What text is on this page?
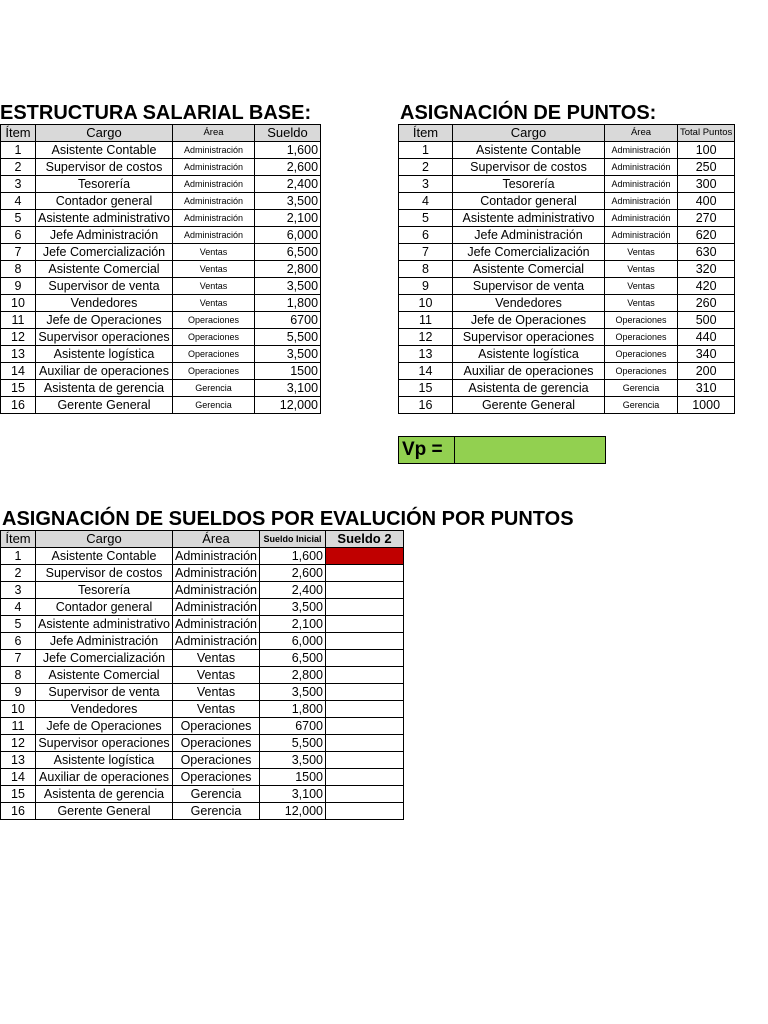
ESTRUCTURA SALARIAL BASE:
Ítem	Cargo	Área	Sueldo
1	Asistente Contable	Administración	1,600
2	Supervisor de costos	Administración	2,600
3	Tesorería	Administración	2,400
4	Contador general	Administración	3,500
5	Asistente administrativo	Administración	2,100
6	Jefe Administración	Administración	6,000
7	Jefe Comercialización	Ventas	6,500
8	Asistente Comercial	Ventas	2,800
9	Supervisor de venta	Ventas	3,500
10	Vendedores	Ventas	1,800
11	Jefe de Operaciones	Operaciones	6700
12	Supervisor operaciones	Operaciones	5,500
13	Asistente logística	Operaciones	3,500
14	Auxiliar de operaciones	Operaciones	1500
15	Asistenta de gerencia	Gerencia	3,100
16	Gerente General	Gerencia	12,000
ASIGNACIÓN DE PUNTOS:
Ítem	Cargo	Área	Total Puntos
1	Asistente Contable	Administración	100
2	Supervisor de costos	Administración	250
3	Tesorería	Administración	300
4	Contador general	Administración	400
5	Asistente administrativo	Administración	270
6	Jefe Administración	Administración	620
7	Jefe Comercialización	Ventas	630
8	Asistente Comercial	Ventas	320
9	Supervisor de venta	Ventas	420
10	Vendedores	Ventas	260
11	Jefe de Operaciones	Operaciones	500
12	Supervisor operaciones	Operaciones	440
13	Asistente logística	Operaciones	340
14	Auxiliar de operaciones	Operaciones	200
15	Asistenta de gerencia	Gerencia	310
16	Gerente General	Gerencia	1000
Vp =	
ASIGNACIÓN DE SUELDOS POR EVALUCIÓN POR PUNTOS
Ítem	Cargo	Área	Sueldo Inicial	Sueldo 2
1	Asistente Contable	Administración	1,600	
2	Supervisor de costos	Administración	2,600	
3	Tesorería	Administración	2,400	
4	Contador general	Administración	3,500	
5	Asistente administrativo	Administración	2,100	
6	Jefe Administración	Administración	6,000	
7	Jefe Comercialización	Ventas	6,500	
8	Asistente Comercial	Ventas	2,800	
9	Supervisor de venta	Ventas	3,500	
10	Vendedores	Ventas	1,800	
11	Jefe de Operaciones	Operaciones	6700	
12	Supervisor operaciones	Operaciones	5,500	
13	Asistente logística	Operaciones	3,500	
14	Auxiliar de operaciones	Operaciones	1500	
15	Asistenta de gerencia	Gerencia	3,100	
16	Gerente General	Gerencia	12,000	
